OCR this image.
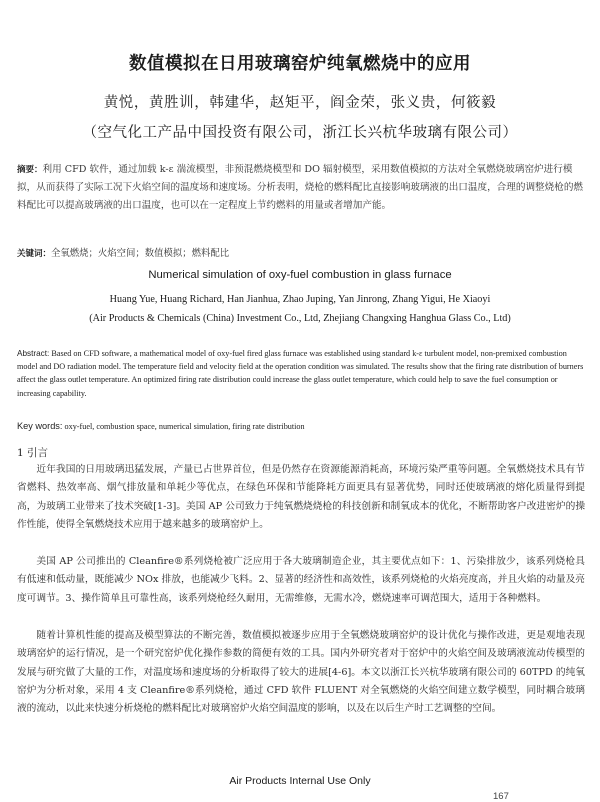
数值模拟在日用玻璃窑炉纯氧燃烧中的应用
黄悦，黄胜训，韩建华，赵矩平，阎金荣，张义贵，何筱毅
（空气化工产品中国投资有限公司，浙江长兴杭华玻璃有限公司）
摘要：利用 CFD 软件，通过加载 k-ε 湍流模型，非预混燃烧模型和 DO 辐射模型，采用数值模拟的方法对全氧燃烧玻璃窑炉进行模拟，从而获得了实际工况下火焰空间的温度场和速度场。分析表明，烧枪的燃料配比直接影响玻璃液的出口温度，合理的调整烧枪的燃料配比可以提高玻璃液的出口温度，也可以在一定程度上节约燃料的用量或者增加产能。
关键词：全氧燃烧；火焰空间；数值模拟；燃料配比
Numerical simulation of oxy-fuel combustion in glass furnace
Huang Yue, Huang Richard, Han Jianhua, Zhao Juping, Yan Jinrong, Zhang Yigui, He Xiaoyi
(Air Products & Chemicals (China) Investment Co., Ltd, Zhejiang Changxing Hanghua Glass Co., Ltd)
Abstract: Based on CFD software, a mathematical model of oxy-fuel fired glass furnace was established using standard k-ε turbulent model, non-premixed combustion model and DO radiation model. The temperature field and velocity field at the operation condition was simulated. The results show that the firing rate distribution of burners affect the glass outlet temperature. An optimized firing rate distribution could increase the glass outlet temperature, which could help to save the fuel consumption or increasing capability.
Key words: oxy-fuel, combustion space, numerical simulation, firing rate distribution
1 引言

近年我国的日用玻璃迅猛发展，产量已占世界首位，但是仍然存在资源能源消耗高，环境污染严重等问题。全氧燃烧技术具有节省燃料、热效率高、烟气排放量和单耗少等优点，在绿色环保和节能降耗方面更具有显著优势，同时还使玻璃液的熔化质量得到提高，为玻璃工业带来了技术突破[1-3]。美国 AP 公司致力于纯氧燃烧烧枪的科技创新和制氧成本的优化，不断帮助客户改进密炉的操作性能，使得全氧燃烧技术应用于越来越多的玻璃窑炉上。

美国 AP 公司推出的 Cleanfire®系列烧枪被广泛应用于各大玻璃制造企业，其主要优点如下：1、污染排放少，该系列烧枪具有低速和低动量，既能减少 NOx 排放，也能减少飞料。2、显著的经济性和高效性，该系列烧枪的火焰亮度高，并且火焰的动量及亮度可调节。3、操作简单且可靠性高，该系列烧枪经久耐用，无需维修，无需水冷，燃烧速率可调范围大，适用于各种燃料。

随着计算机性能的提高及模型算法的不断完善，数值模拟被逐步应用于全氧燃烧玻璃窑炉的设计优化与操作改进，更是观地表现玻璃窑炉的运行情况，是一个研究窑炉优化操作参数的简便有效的工具。国内外研究者对于窑炉中的火焰空间及玻璃液流动传模型的发展与研究做了大量的工作，对温度场和速度场的分析取得了较大的进展[4-6]。本文以浙江长兴杭华玻璃有限公司的 60TPD 的纯氧窑炉为分析对象，采用 4 支 Cleanfire®系列烧枪，通过 CFD 软件 FLUENT 对全氧燃烧的火焰空间建立数学模型，同时耦合玻璃液的流动，以此来快速分析烧枪的燃料配比对玻璃窑炉火焰空间温度的影响，以及在以后生产时工艺调整的空间。

Air Products Internal Use Only
167
